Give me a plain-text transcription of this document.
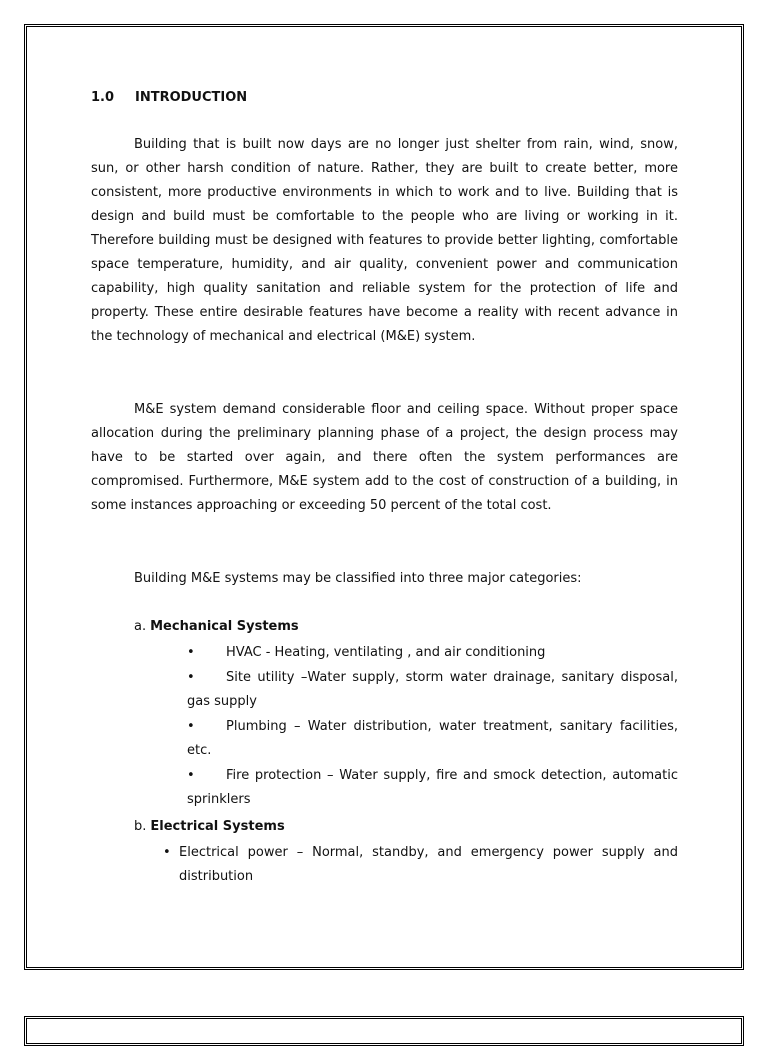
1.0 INTRODUCTION

Building that is built now days are no longer just shelter from rain, wind, snow, sun, or other harsh condition of nature. Rather, they are built to create better, more consistent, more productive environments in which to work and to live. Building that is design and build must be comfortable to the people who are living or working in it. Therefore building must be designed with features to provide better lighting, comfortable space temperature, humidity, and air quality, convenient power and communication capability, high quality sanitation and reliable system for the protection of life and property. These entire desirable features have become a reality with recent advance in the technology of mechanical and electrical (M&E) system.

M&E system demand considerable floor and ceiling space. Without proper space allocation during the preliminary planning phase of a project, the design process may have to be started over again, and there often the system performances are compromised. Furthermore, M&E system add to the cost of construction of a building, in some instances approaching or exceeding 50 percent of the total cost.

Building M&E systems may be classified into three major categories:
a. Mechanical Systems
• HVAC - Heating, ventilating , and air conditioning
• Site utility –Water supply, storm water drainage, sanitary disposal, gas supply
• Plumbing – Water distribution, water treatment, sanitary facilities, etc.
• Fire protection – Water supply, fire and smock detection, automatic sprinklers
b. Electrical Systems
• Electrical power – Normal, standby, and emergency power supply and distribution
